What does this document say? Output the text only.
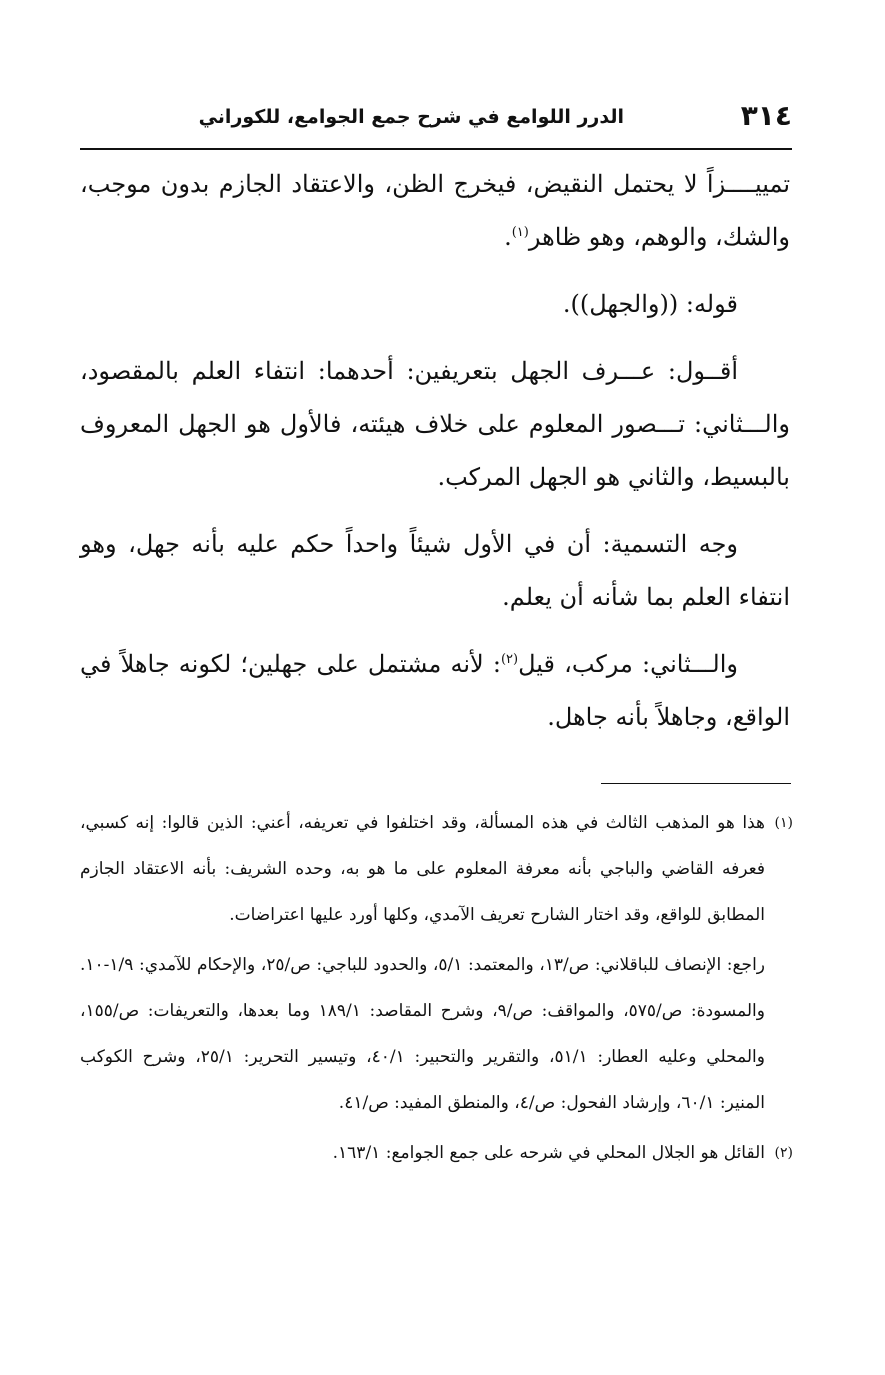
٣١٤
الدرر اللوامع في شرح جمع الجوامع، للكوراني

تمييــــزاً لا يحتمل النقيض، فيخرج الظن، والاعتقاد الجازم بدون موجب، والشك، والوهم، وهو ظاهر$^{(١)}$.

قوله: ((والجهل)).

أقــول: عـــرف الجهل بتعريفين: أحدهما: انتفاء العلم بالمقصود، والـــثاني: تـــصور المعلوم على خلاف هيئته، فالأول هو الجهل المعروف بالبسيط، والثاني هو الجهل المركب.

وجه التسمية: أن في الأول شيئاً واحداً حكم عليه بأنه جهل، وهو انتفاء العلم بما شأنه أن يعلم.

والـــثاني: مركب، قيل$^{(٢)}$: لأنه مشتمل على جهلين؛ لكونه جاهلاً في الواقع، وجاهلاً بأنه جاهل.

(١)
هذا هو المذهب الثالث في هذه المسألة، وقد اختلفوا في تعريفه، أعني: الذين قالوا: إنه كسبي، فعرفه القاضي والباجي بأنه معرفة المعلوم على ما هو به، وحده الشريف: بأنه الاعتقاد الجازم المطابق للواقع، وقد اختار الشارح تعريف الآمدي، وكلها أورد عليها اعتراضات.
راجع: الإنصاف للباقلاني: ص/١٣، والمعتمد: ٥/١، والحدود للباجي: ص/٢٥، والإحكام للآمدي: ١/٩-١٠. والمسودة: ص/٥٧٥، والمواقف: ص/٩، وشرح المقاصد: ١٨٩/١ وما بعدها، والتعريفات: ص/١٥٥، والمحلي وعليه العطار: ٥١/١، والتقرير والتحبير: ٤٠/١، وتيسير التحرير: ٢٥/١، وشرح الكوكب المنير: ٦٠/١، وإرشاد الفحول: ص/٤، والمنطق المفيد: ص/٤١.
(٢)
القائل هو الجلال المحلي في شرحه على جمع الجوامع: ١٦٣/١.
